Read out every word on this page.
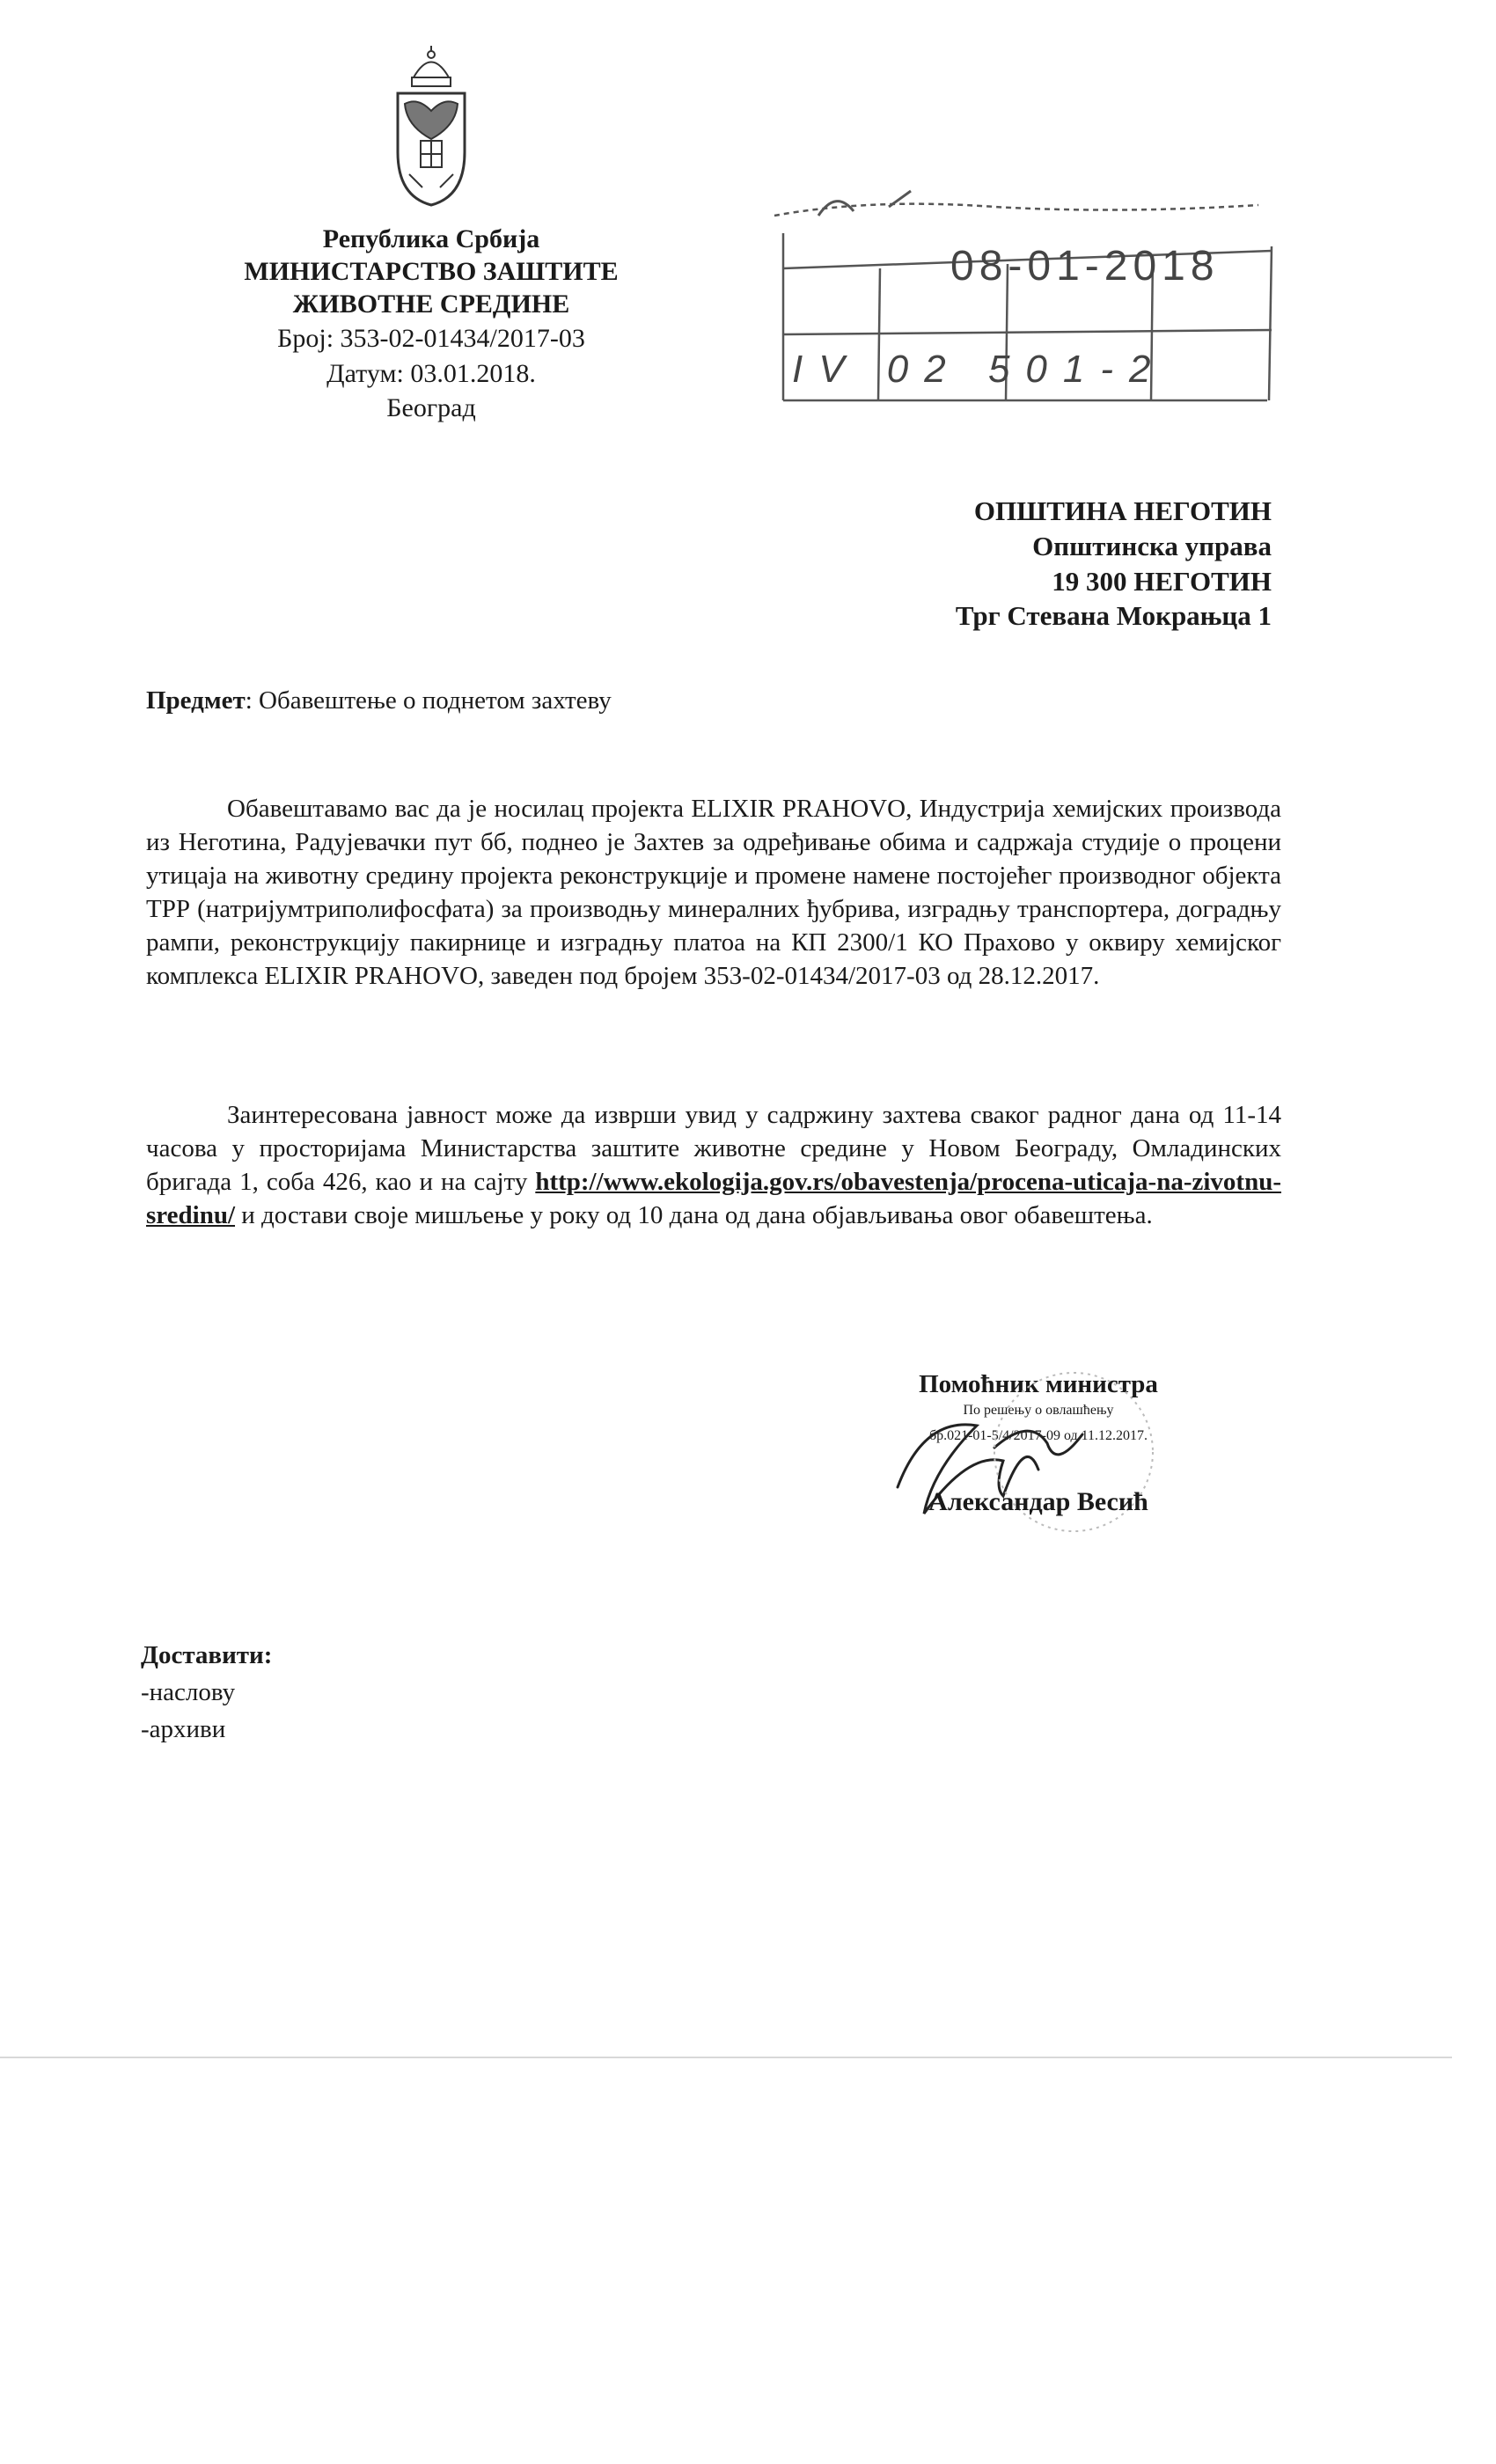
Република Србија
МИНИСТАРСТВО ЗАШТИТЕ
ЖИВОТНЕ СРЕДИНЕ
Број: 353-02-01434/2017-03
Датум: 03.01.2018.
Београд
08-01-2018
IV 02 501-2
ОПШТИНА НЕГОТИН
Општинска управа
19 300 НЕГОТИН
Трг Стевана Мокрањца 1
Предмет: Обавештење о поднетом захтеву
Обавештавамо вас да је носилац пројекта ELIXIR PRAHOVO, Индустрија хемијских производа из Неготина, Радујевачки пут бб, поднео је Захтев за одређивање обима и садржаја студије о процени утицаја на животну средину пројекта реконструкције и промене намене постојећег производног објекта ТРР (натријумтриполифосфата) за производњу минералних ђубрива, изградњу транспортера, доградњу рампи, реконструкцију пакирнице и изградњу платоа на КП 2300/1 КО Прахово у оквиру хемијског комплекса ELIXIR PRAHOVO, заведен под бројем 353-02-01434/2017-03 од 28.12.2017.
Заинтересована јавност може да изврши увид у садржину захтева сваког радног дана од 11-14 часова у просторијама Министарства заштите животне средине у Новом Београду, Омладинских бригада 1, соба 426, као и на сајту http://www.ekologija.gov.rs/obavestenja/procena-uticaja-na-zivotnu-sredinu/ и достави своје мишљење у року од 10 дана од дана објављивања овог обавештења.
Помоћник министра
По решењу о овлашћењу
бр.021-01-5/4/2017-09 од 11.12.2017.
Александар Весић
Доставити:
-наслову
-архиви
